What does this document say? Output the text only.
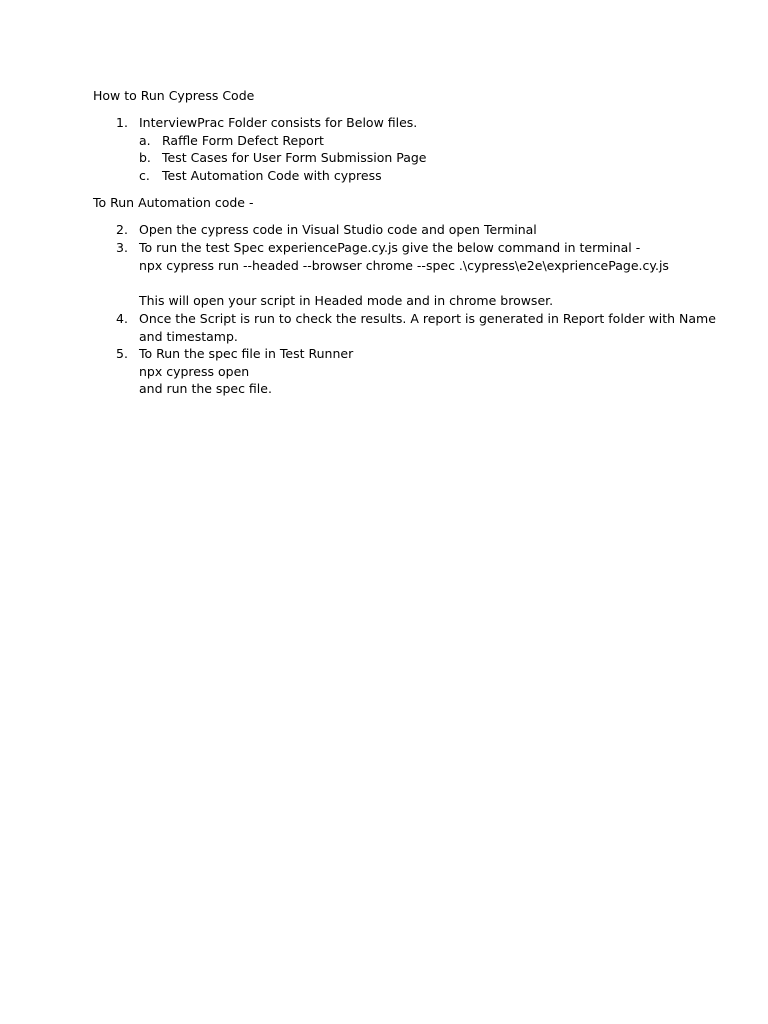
How to Run Cypress Code
1. InterviewPrac Folder consists for Below files.
a. Raffle Form Defect Report
b. Test Cases for User Form Submission Page
c. Test Automation Code with cypress
To Run Automation code -
2. Open the cypress code in Visual Studio code and open Terminal
3. To run the test Spec experiencePage.cy.js give the below command in terminal -
npx cypress run --headed --browser chrome --spec .\cypress\e2e\expriencePage.cy.js
This will open your script in Headed mode and in chrome browser.
4. Once the Script is run to check the results. A report is generated in Report folder with Name
and timestamp.
5. To Run the spec file in Test Runner
npx cypress open
and run the spec file.
